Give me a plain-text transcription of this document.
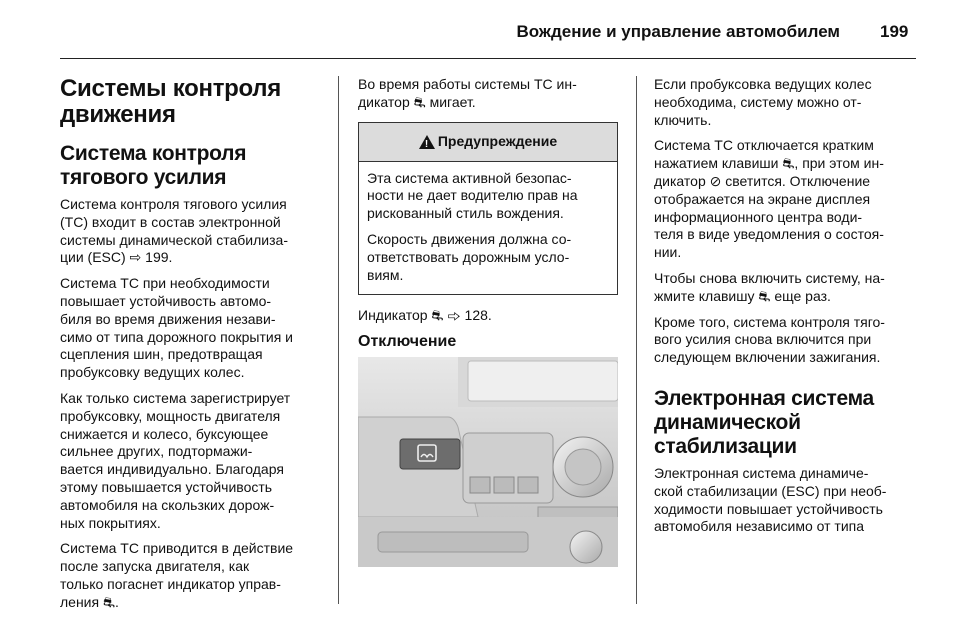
Вождение и управление автомобилем 199
Системы контроля движения
Система контроля тягового усилия

Система контроля тягового усилия
(TC) входит в состав электронной
системы динамической стабилиза-
ции (ESC) ⇨ 199.

Система TC при необходимости
повышает устойчивость автомо-
биля во время движения незави-
симо от типа дорожного покрытия и
сцепления шин, предотвращая
пробуксовку ведущих колес.

Как только система зарегистрирует
пробуксовку, мощность двигателя
снижается и колесо, буксующее
сильнее других, подтормажи-
вается индивидуально. Благодаря
этому повышается устойчивость
автомобиля на скользких дорож-
ных покрытиях.

Система TC приводится в действие
после запуска двигателя, как
только погаснет индикатор управ-
ления ⛐.

Во время работы системы TC ин-
дикатор ⛐ мигает.

!
Предупреждение

Эта система активной безопас-
ности не дает водителю прав на
рискованный стиль вождения.

Скорость движения должна со-
ответствовать дорожным усло-
виям.

Индикатор ⛐ ⇨ 128.

Отключение

Если пробуксовка ведущих колес
необходима, систему можно от-
ключить.

Система TC отключается кратким
нажатием клавиши ⛐, при этом ин-
дикатор ⊘ светится. Отключение
отображается на экране дисплея
информационного центра води-
теля в виде уведомления о состоя-
нии.

Чтобы снова включить систему, на-
жмите клавишу ⛐ еще раз.

Кроме того, система контроля тяго-
вого усилия снова включится при
следующем включении зажигания.

Электронная система динамической стабилизации

Электронная система динамиче-
ской стабилизации (ESC) при необ-
ходимости повышает устойчивость
автомобиля независимо от типа
